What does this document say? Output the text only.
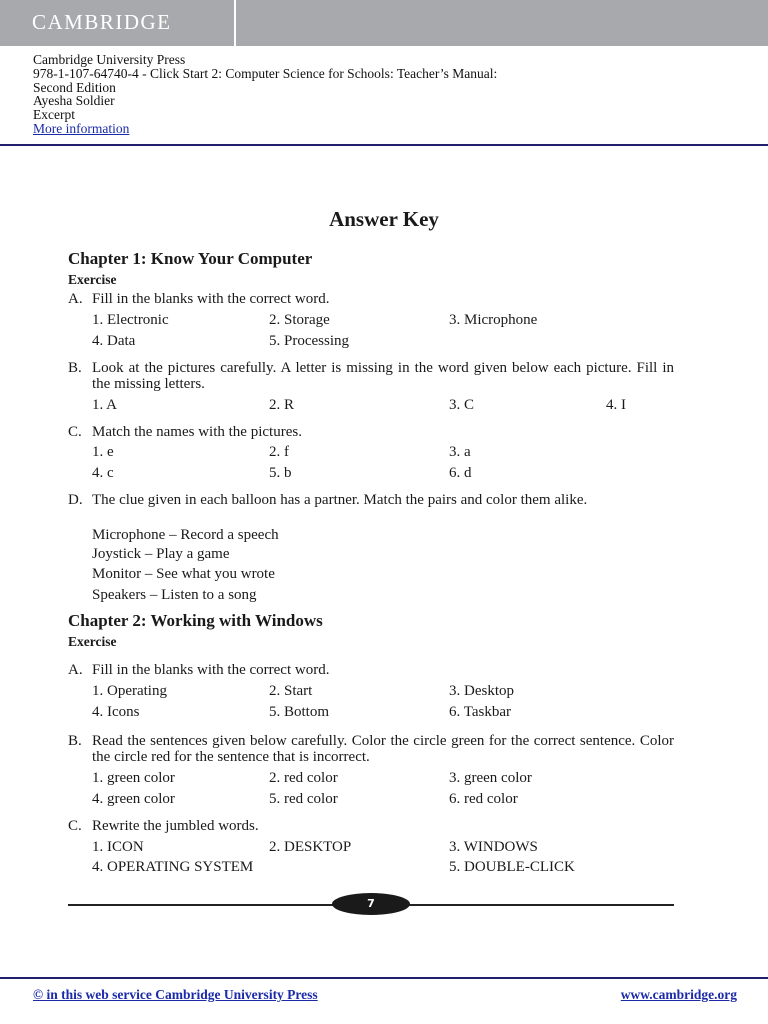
CAMBRIDGE
Cambridge University Press
978-1-107-64740-4 - Click Start 2: Computer Science for Schools: Teacher’s Manual:
Second Edition
Ayesha Soldier
Excerpt
More information
Answer Key
Chapter 1: Know Your Computer
Exercise
A. Fill in the blanks with the correct word.
1. Electronic	2. Storage	3. Microphone
4. Data	5. Processing
B. Look at the pictures carefully. A letter is missing in the word given below each picture. Fill in the missing letters.
1. A	2. R	3. C	4. I
C. Match the names with the pictures.
1. e	2. f	3. a
4. c	5. b	6. d
D. The clue given in each balloon has a partner. Match the pairs and color them alike.
Microphone – Record a speech
Joystick – Play a game
Monitor – See what you wrote
Speakers – Listen to a song
Chapter 2: Working with Windows
Exercise
A. Fill in the blanks with the correct word.
1. Operating	2. Start	3. Desktop
4. Icons	5. Bottom	6. Taskbar
B. Read the sentences given below carefully. Color the circle green for the correct sentence. Color the circle red for the sentence that is incorrect.
1. green color	2. red color	3. green color
4. green color	5. red color	6. red color
C. Rewrite the jumbled words.
1. ICON	2. DESKTOP	3. WINDOWS
4. OPERATING SYSTEM	5. DOUBLE-CLICK
7
© in this web service Cambridge University Press	www.cambridge.org
